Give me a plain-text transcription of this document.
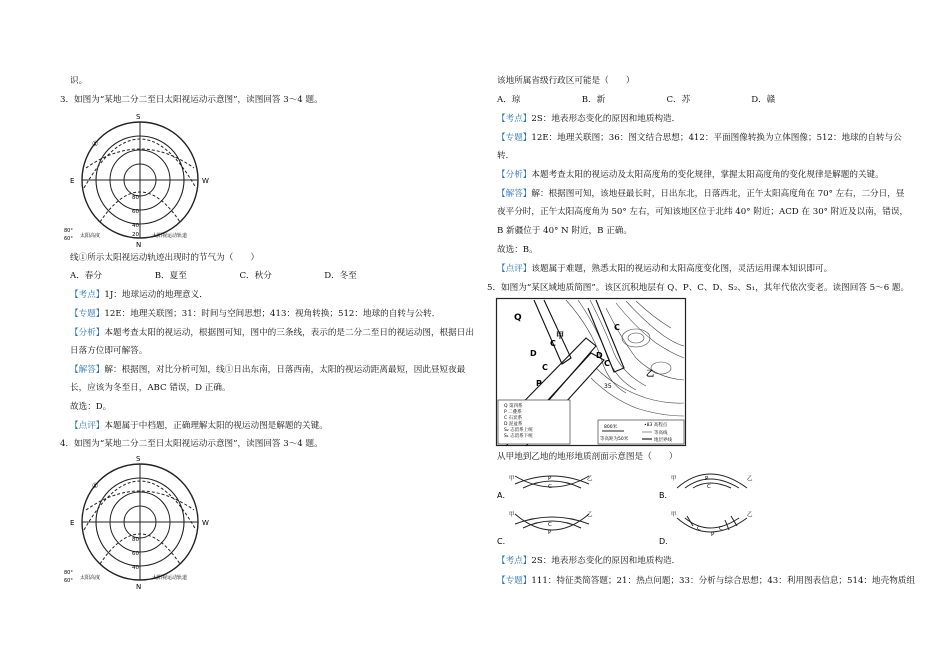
识。
3．如图为“某地二分二至日太阳视运动示意图”，读图回答 3～4 题。
S
N
E	W
80
60
40
20
①
80°
60° 太阳高度	太阳视运动轨道
线①所示太阳视运动轨迹出现时的节气为（　　）
A．春分	B．夏至	C．秋分	D．冬至
【考点】1J：地球运动的地理意义．
【专题】12E：地理关联图；31：时间与空间思想；413：视角转换；512：地球的自转与公转．
【分析】本题考查太阳的视运动，根据图可知，图中的三条线，表示的是二分二至日的视运动图，根据日出
日落方位即可解答。
【解答】解：根据图，对比分析可知，线①日出东南，日落西南，太阳的视运动距离最短，因此昼短夜最
长，应该为冬至日，ABC 错误，D 正确。
故选：D。
【点评】本题属于中档题，正确理解太阳的视运动图是解题的关键。
4．如图为“某地二分二至日太阳视运动示意图”，读图回答 3～4 题。
S
N
E	W
80
60
40
①
80°
60° 太阳高度	太阳视运动轨道
该地所属省级行政区可能是（　　）
A．琼	B．新	C．苏	D．赣
【考点】2S：地表形态变化的原因和地质构造．
【专题】12E：地理关联图；36：图文结合思想；412：平面图像转换为立体图像；512：地球的自转与公
转．
【分析】本题考查太阳的视运动及太阳高度角的变化规律，掌握太阳高度角的变化规律是解题的关键。
【解答】解：根据图可知，该地昼最长时，日出东北，日落西北，正午太阳高度角在 70° 左右，二分日，昼
夜平分时，正午太阳高度角为 50° 左右，可知该地区位于北纬 40° 附近；ACD 在 30° 附近及以南，错误，
B 新疆位于 40° N 附近，B 正确。
故选：B。
【点评】该题属于难题，熟悉太阳的视运动和太阳高度变化图，灵活运用课本知识即可。
5．如图为“某区域地质简图”。该区沉积地层有 Q、P、C、D、S₂、S₁，其年代依次变老。读图回答 5～6 题。
Q
D
C
甲
C
P
C
D
C
乙
35
Q 第四系
P 二叠系
C 石炭系
D 泥盆系
S₂ 志留系上统
S₁ 志留系下统
800米
等高距为50米
•83 高程点
等高线
地层界线
从甲地到乙地的地形地质剖面示意图是（　　）
甲	乙
P
C
A．
甲	乙
P
C
B．
甲	乙
C
P
C．
甲	乙
C
P
C
D．
【考点】2S：地表形态变化的原因和地质构造．
【专题】111：特征类简答题；21：热点问题；33：分析与综合思想；43：利用图表信息；514：地壳物质组
